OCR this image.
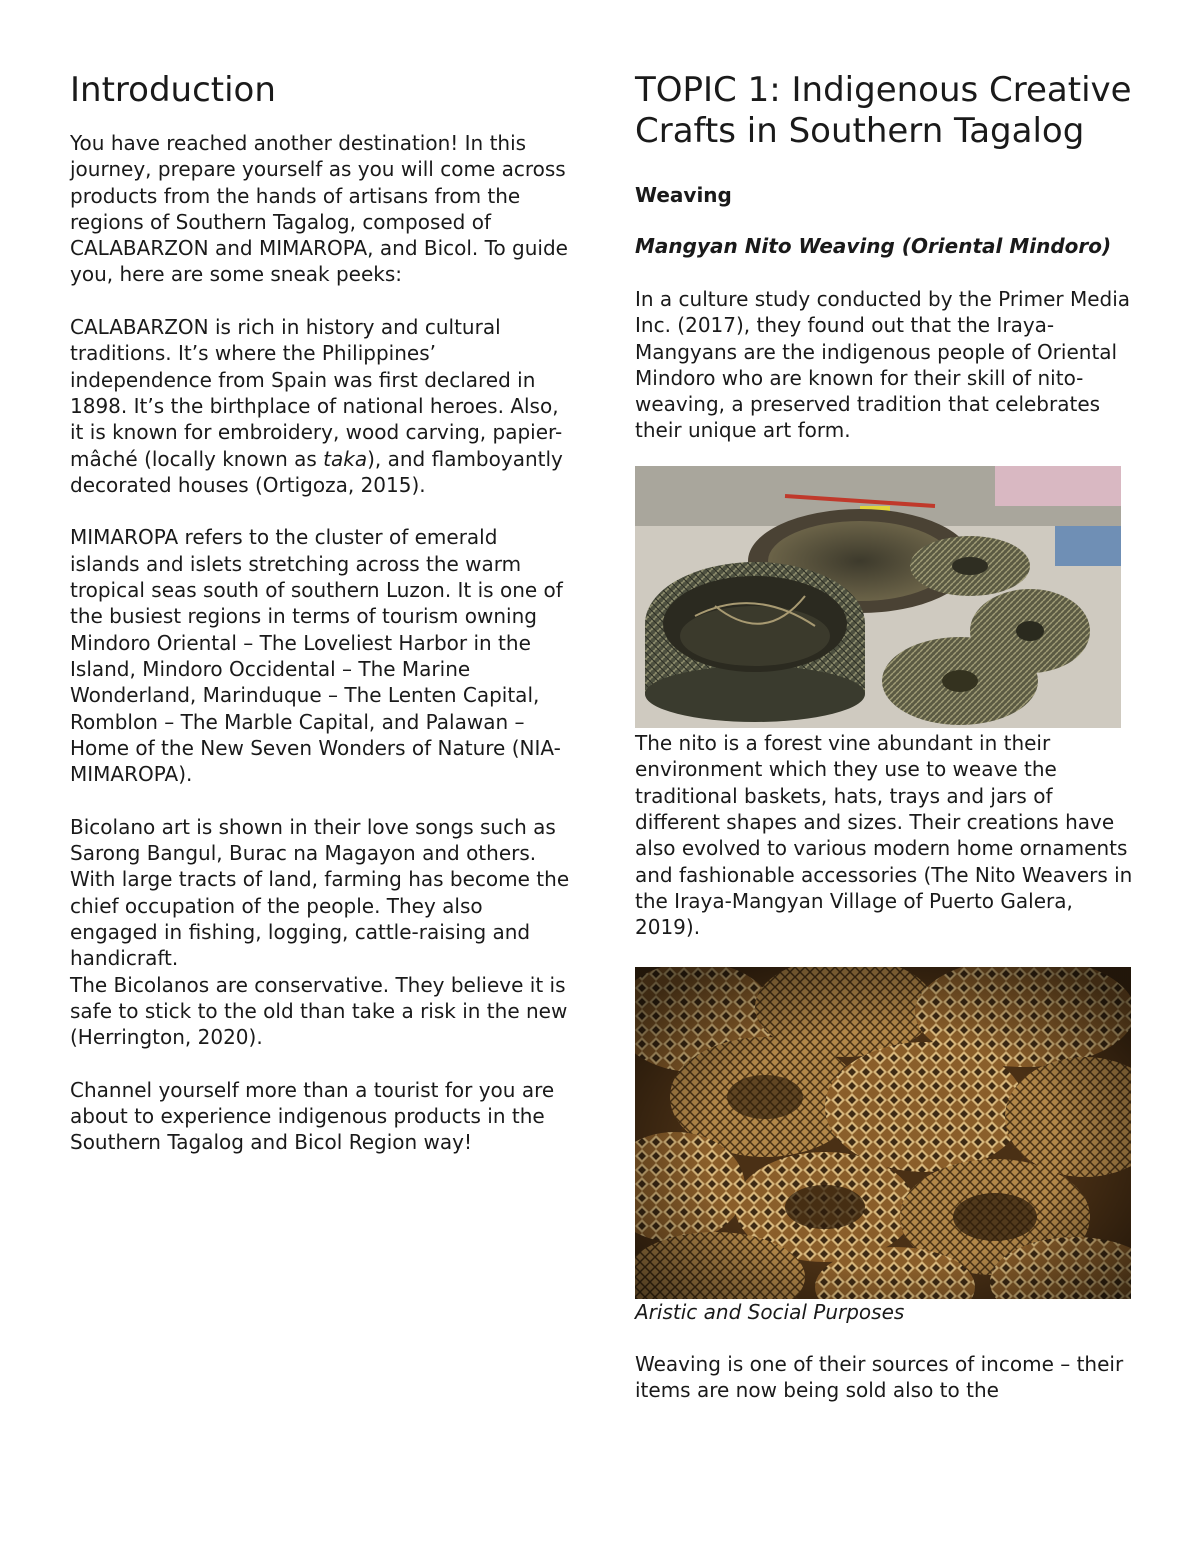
Introduction

You have reached another destination! In this journey, prepare yourself as you will come across products from the hands of artisans from the regions of Southern Tagalog, composed of CALABARZON and MIMAROPA, and Bicol. To guide you, here are some sneak peeks:

CALABARZON is rich in history and cultural traditions. It’s where the Philippines’ independence from Spain was first declared in 1898. It’s the birthplace of national heroes. Also, it is known for embroidery, wood carving, papier-mâché (locally known as taka), and flamboyantly decorated houses (Ortigoza, 2015).

MIMAROPA refers to the cluster of emerald islands and islets stretching across the warm tropical seas south of southern Luzon. It is one of the busiest regions in terms of tourism owning Mindoro Oriental – The Loveliest Harbor in the Island, Mindoro Occidental – The Marine Wonderland, Marinduque – The Lenten Capital, Romblon – The Marble Capital, and Palawan – Home of the New Seven Wonders of Nature (NIA-MIMAROPA).

Bicolano art is shown in their love songs such as Sarong Bangul, Burac na Magayon and others. With large tracts of land, farming has become the chief occupation of the people. They also engaged in fishing, logging, cattle-raising and handicraft.

The Bicolanos are conservative. They believe it is safe to stick to the old than take a risk in the new (Herrington, 2020).

Channel yourself more than a tourist for you are about to experience indigenous products in the Southern Tagalog and Bicol Region way!

TOPIC 1: Indigenous Creative Crafts in Southern Tagalog
Weaving
Mangyan Nito Weaving (Oriental Mindoro)

In a culture study conducted by the Primer Media Inc. (2017), they found out that the Iraya-Mangyans are the indigenous people of Oriental Mindoro who are known for their skill of nito-weaving, a preserved tradition that celebrates their unique art form.

The nito is a forest vine abundant in their environment which they use to weave the traditional baskets, hats, trays and jars of different shapes and sizes. Their creations have also evolved to various modern home ornaments and fashionable accessories (The Nito Weavers in the Iraya-Mangyan Village of Puerto Galera, 2019).

Aristic and Social Purposes

Weaving is one of their sources of income – their items are now being sold also to the
